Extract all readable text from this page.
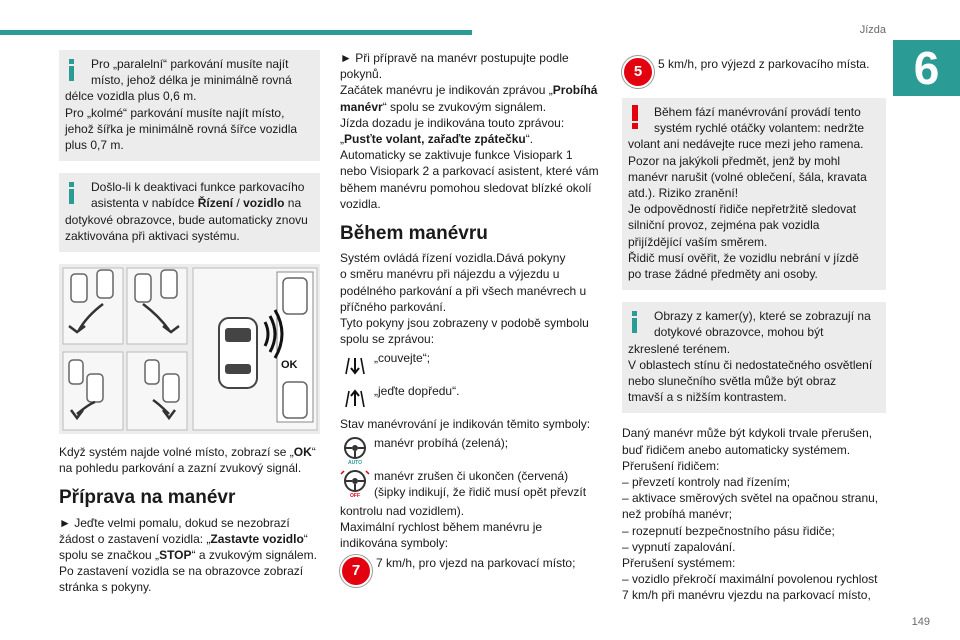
Jízda
6
149

Pro „paralelní“ parkování musíte najít

místo, jehož délka je minimálně rovná

délce vozidla plus 0,6 m.

Pro „kolmé“ parkování musíte najít místo,

jehož šířka je minimálně rovná šířce vozidla

plus 0,7 m.

Došlo-li k deaktivaci funkce parkovacího

asistenta v nabídce Řízení / vozidlo na

dotykové obrazovce, bude automaticky znovu

zaktivována při aktivaci systému.

OK

Když systém najde volné místo, zobrazí se „OK“

na pohledu parkování a zazní zvukový signál.

Příprava na manévr

► Jeďte velmi pomalu, dokud se nezobrazí

žádost o zastavení vozidla: „Zastavte vozidlo“

spolu se značkou „STOP“ a zvukovým signálem.

Po zastavení vozidla se na obrazovce zobrazí

stránka s pokyny.

► Při přípravě na manévr postupujte podle

pokynů.

Začátek manévru je indikován zprávou „Probíhá

manévr“ spolu se zvukovým signálem.

Jízda dozadu je indikována touto zprávou:

„Pusťte volant, zařaďte zpátečku“.

Automaticky se zaktivuje funkce Visiopark 1

nebo Visiopark 2 a parkovací asistent, které vám

během manévru pomohou sledovat blízké okolí

vozidla.

Během manévru

Systém ovládá řízení vozidla.Dává pokyny

o směru manévru při nájezdu a výjezdu u

podélného parkování a při všech manévrech u

příčného parkování.

Tyto pokyny jsou zobrazeny v podobě symbolu

spolu se zprávou:

„couvejte“;
„jeďte dopředu“.

Stav manévrování je indikován těmito symboly:

AUTO
manévr probíhá (zelená);
OFF

manévr zrušen či ukončen (červená)

(šipky indikují, že řidič musí opět převzít

kontrolu nad vozidlem).

Maximální rychlost během manévru je

indikována symboly:

7	7 km/h, pro vjezd na parkovací místo;
5	5 km/h, pro výjezd z parkovacího místa.

Během fází manévrování provádí tento

systém rychlé otáčky volantem: nedržte

volant ani nedávejte ruce mezi jeho ramena.

Pozor na jakýkoli předmět, jenž by mohl

manévr narušit (volné oblečení, šála, kravata

atd.). Riziko zranění!

Je odpovědností řidiče nepřetržitě sledovat

silniční provoz, zejména pak vozidla

přijíždějící vaším směrem.

Řidič musí ověřit, že vozidlu nebrání v jízdě

po trase žádné předměty ani osoby.

Obrazy z kamer(y), které se zobrazují na

dotykové obrazovce, mohou být

zkreslené terénem.

V oblastech stínu či nedostatečného osvětlení

nebo slunečního světla může být obraz

tmavší a s nižším kontrastem.

Daný manévr může být kdykoli trvale přerušen,

buď řidičem anebo automaticky systémem.

Přerušení řidičem:

– převzetí kontroly nad řízením;

– aktivace směrových světel na opačnou stranu,

než probíhá manévr;

– rozepnutí bezpečnostního pásu řidiče;

– vypnutí zapalování.

Přerušení systémem:

– vozidlo překročí maximální povolenou rychlost

7 km/h při manévru vjezdu na parkovací místo,
